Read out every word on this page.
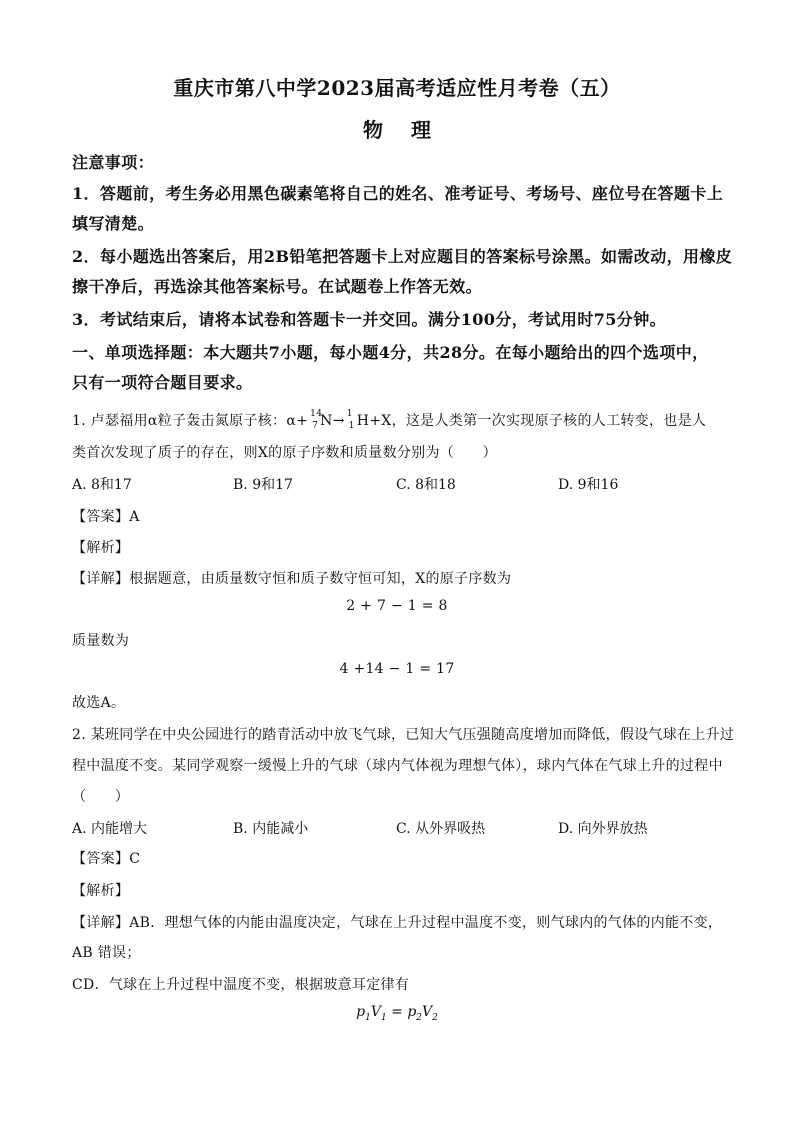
重庆市第八中学2023届高考适应性月考卷（五）
物 理
注意事项：
1．答题前，考生务必用黑色碳素笔将自己的姓名、准考证号、考场号、座位号在答题卡上
填写清楚。
2．每小题选出答案后，用2B铅笔把答题卡上对应题目的答案标号涂黑。如需改动，用橡皮
擦干净后，再选涂其他答案标号。在试题卷上作答无效。
3．考试结束后，请将本试卷和答题卡一并交回。满分100分，考试用时75分钟。
一、单项选择题：本大题共7小题，每小题4分，共28分。在每小题给出的四个选项中，
只有一项符合题目要求。
1. 卢瑟福用α粒子轰击氮原子核：α+ 14
7 N→ 1
1 H+X，这是人类第一次实现原子核的人工转变，也是人
类首次发现了质子的存在，则X的原子序数和质量数分别为（　　）
A. 8和17	B. 9和17	C. 8和18	D. 9和16
【答案】A
【解析】
【详解】根据题意，由质量数守恒和质子数守恒可知，X的原子序数为
2 + 7 − 1 = 8
质量数为
4 +14 − 1 = 17
故选A。
2. 某班同学在中央公园进行的踏青活动中放飞气球，已知大气压强随高度增加而降低，假设气球在上升过
程中温度不变。某同学观察一缓慢上升的气球（球内气体视为理想气体），球内气体在气球上升的过程中
（　　）
A. 内能增大	B. 内能减小	C. 从外界吸热	D. 向外界放热
【答案】C
【解析】
【详解】AB．理想气体的内能由温度决定，气球在上升过程中温度不变，则气球内的气体的内能不变，
AB 错误；
CD．气球在上升过程中温度不变，根据玻意耳定律有
$p_1V_1 = p_2V_2$
